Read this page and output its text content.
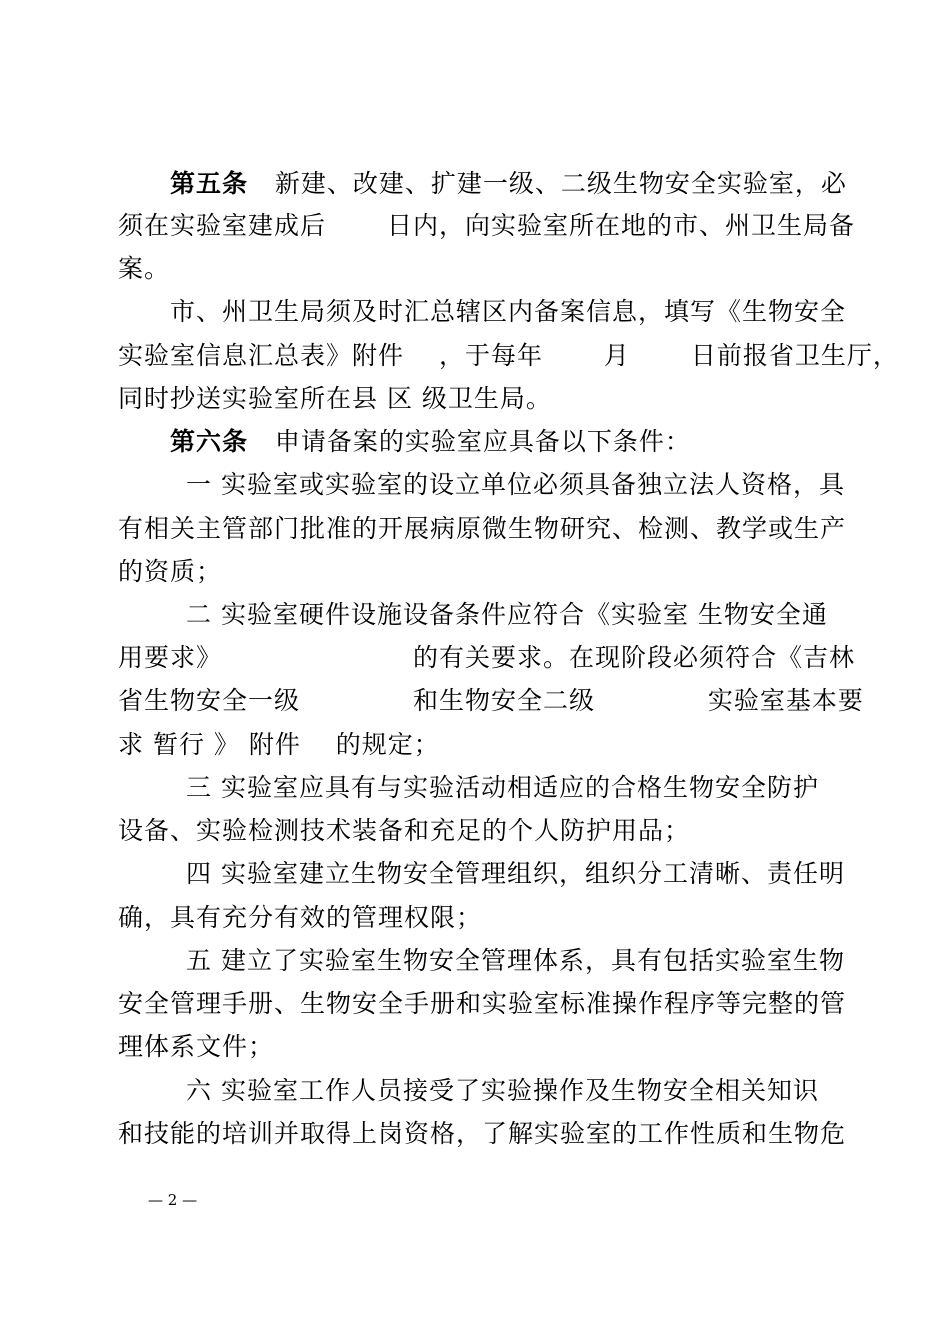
第五条 新建、改建、扩建一级、二级生物安全实验室，必
须在实验室建成后 　　日内，向实验室所在地的市、州卫生局备
案。
市、州卫生局须及时汇总辖区内备案信息，填写《生物安全
实验室信息汇总表》附件 　，于每年 　　月 　　日前报省卫生厅，
同时抄送实验室所在县 区 级卫生局。
第六条 申请备案的实验室应具备以下条件：
一 实验室或实验室的设立单位必须具备独立法人资格，具
有相关主管部门批准的开展病原微生物研究、检测、教学或生产
的资质；
二 实验室硬件设施设备条件应符合《实验室 生物安全通
用要求》 　　　　　　　的有关要求。在现阶段必须符合《吉林
省生物安全一级 　　　　和生物安全二级 　　　　实验室基本要
求 暂行 》 附件 　的规定；
三 实验室应具有与实验活动相适应的合格生物安全防护
设备、实验检测技术装备和充足的个人防护用品；
四 实验室建立生物安全管理组织，组织分工清晰、责任明
确，具有充分有效的管理权限；
五 建立了实验室生物安全管理体系，具有包括实验室生物
安全管理手册、生物安全手册和实验室标准操作程序等完整的管
理体系文件；
六 实验室工作人员接受了实验操作及生物安全相关知识
和技能的培训并取得上岗资格，了解实验室的工作性质和生物危
— 2 —
